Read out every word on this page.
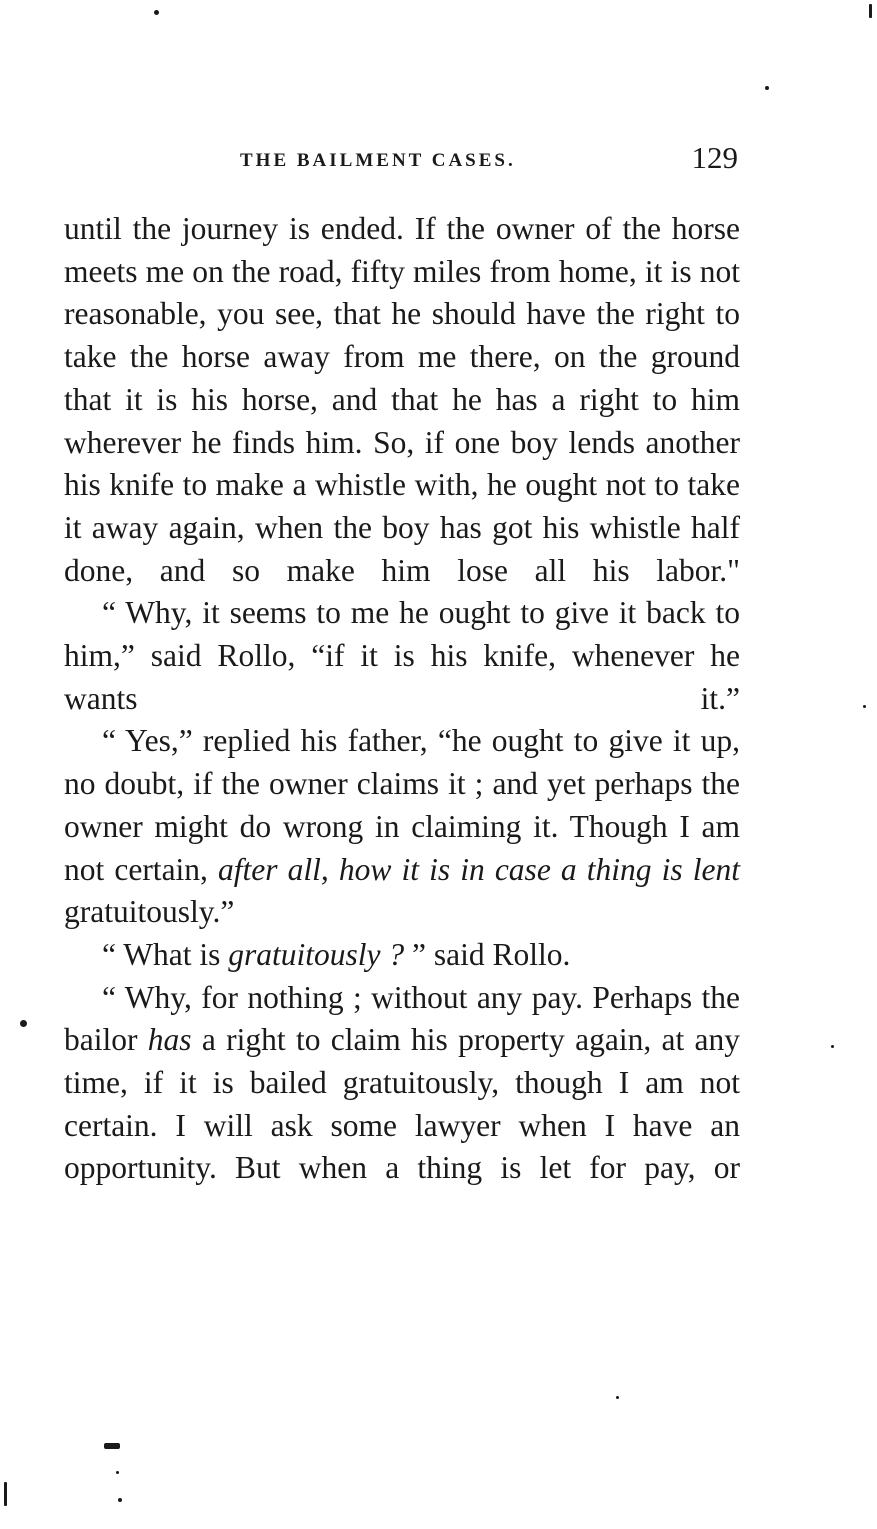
THE BAILMENT CASES.	129

until the journey is ended. If the owner of the horse meets me on the road, fifty miles from home, it is not reasonable, you see, that he should have the right to take the horse away from me there, on the ground that it is his horse, and that he has a right to him wherever he finds him. So, if one boy lends another his knife to make a whistle with, he ought not to take it away again, when the boy has got his whistle half done, and so make him lose all his labor."

“ Why, it seems to me he ought to give it back to him,” said Rollo, “if it is his knife, whenever he wants it.”

“ Yes,” replied his father, “he ought to give it up, no doubt, if the owner claims it ; and yet perhaps the owner might do wrong in claiming it. Though I am not certain, after all, how it is in case a thing is lent gratuitously.”

“ What is gratuitously ? ” said Rollo.

“ Why, for nothing ; without any pay. Perhaps the bailor has a right to claim his property again, at any time, if it is bailed gratuitously, though I am not certain. I will ask some lawyer when I have an opportunity. But when a thing is let for pay, or
